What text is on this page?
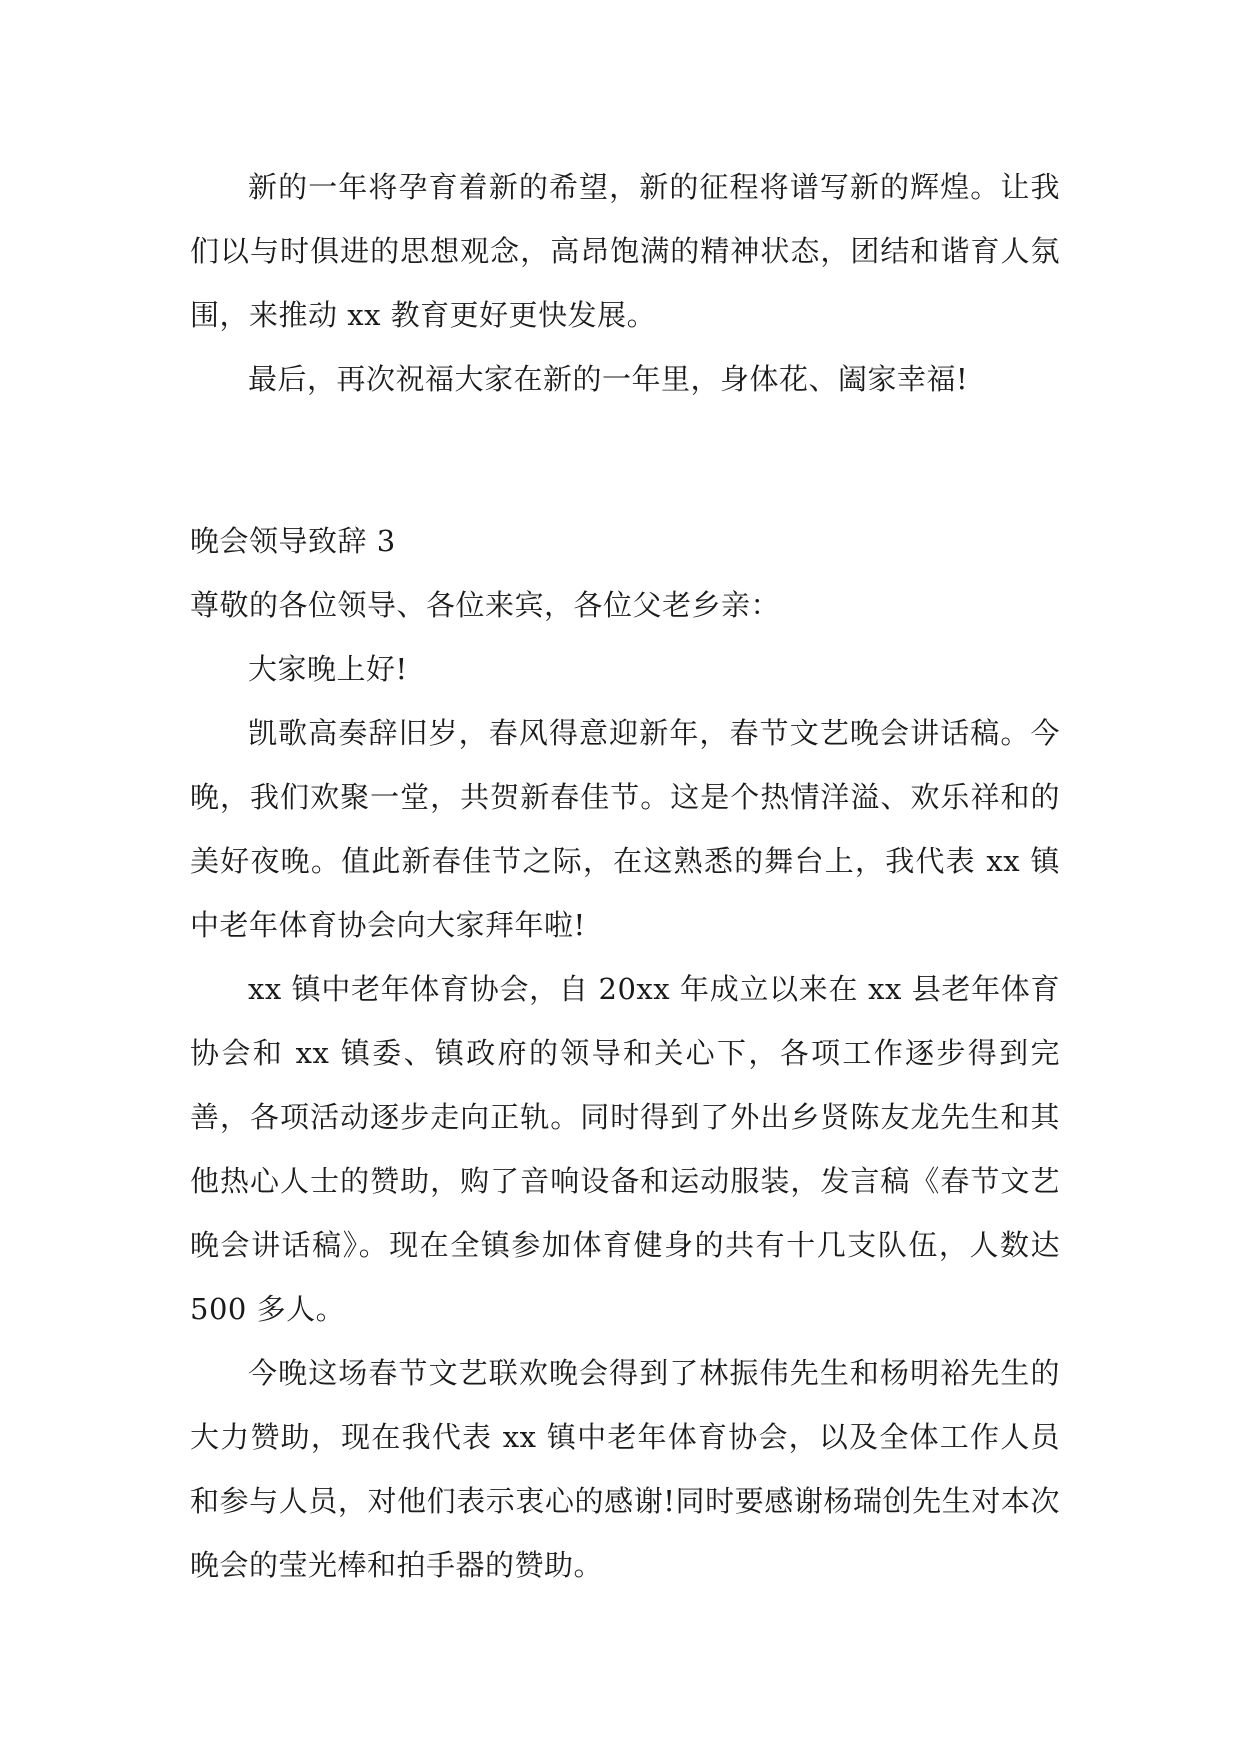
新的一年将孕育着新的希望，新的征程将谱写新的辉煌。让我们以与时俱进的思想观念，高昂饱满的精神状态，团结和谐育人氛围，来推动 xx 教育更好更快发展。

最后，再次祝福大家在新的一年里，身体花、阖家幸福!

晚会领导致辞 3

尊敬的各位领导、各位来宾，各位父老乡亲：

大家晚上好!

凯歌高奏辞旧岁，春风得意迎新年，春节文艺晚会讲话稿。今晚，我们欢聚一堂，共贺新春佳节。这是个热情洋溢、欢乐祥和的美好夜晚。值此新春佳节之际，在这熟悉的舞台上，我代表 xx 镇中老年体育协会向大家拜年啦!

xx 镇中老年体育协会，自 20xx 年成立以来在 xx 县老年体育协会和 xx 镇委、镇政府的领导和关心下，各项工作逐步得到完善，各项活动逐步走向正轨。同时得到了外出乡贤陈友龙先生和其他热心人士的赞助，购了音响设备和运动服装，发言稿《春节文艺晚会讲话稿》。现在全镇参加体育健身的共有十几支队伍，人数达 500 多人。

今晚这场春节文艺联欢晚会得到了林振伟先生和杨明裕先生的大力赞助，现在我代表 xx 镇中老年体育协会，以及全体工作人员和参与人员，对他们表示衷心的感谢!同时要感谢杨瑞创先生对本次晚会的莹光棒和拍手器的赞助。
